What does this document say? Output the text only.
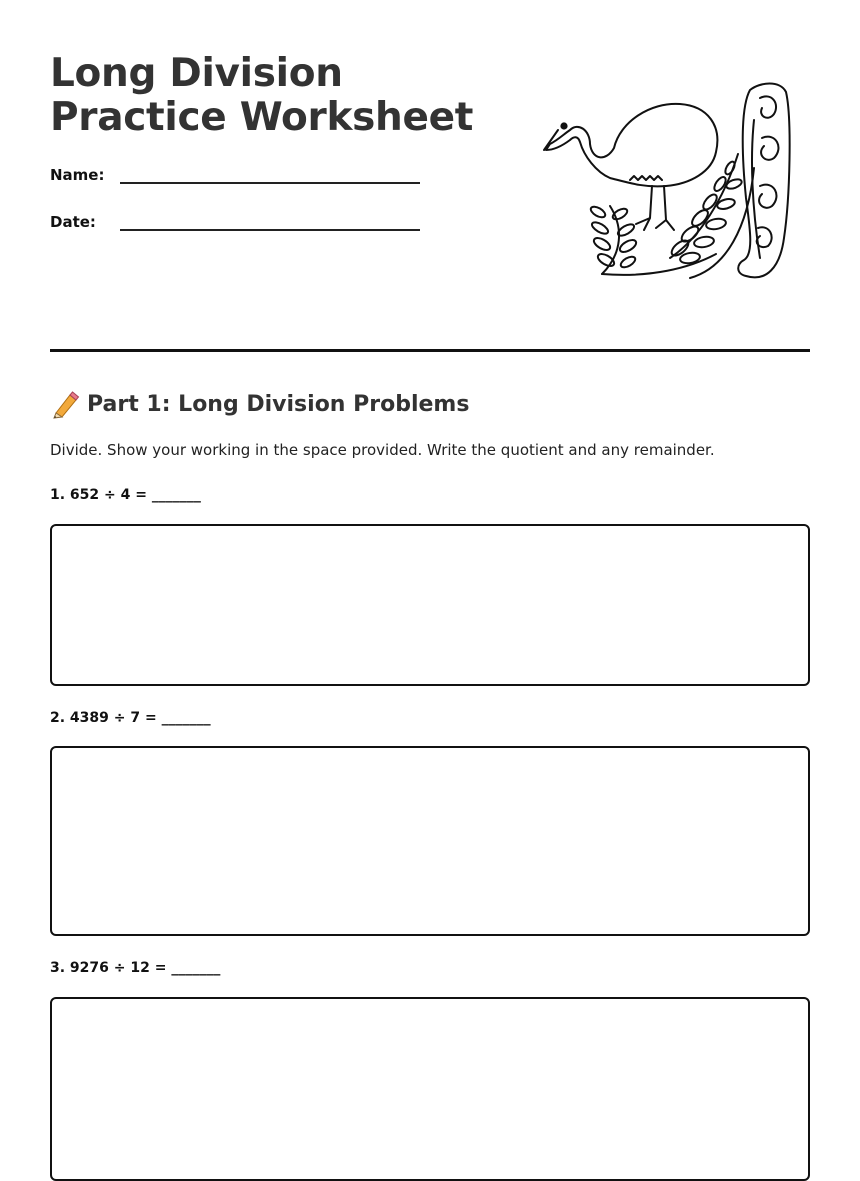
Long Division Practice Worksheet
Name:
Date:
Part 1: Long Division Problems

Divide. Show your working in the space provided. Write the quotient and any remainder.

1. 652 ÷ 4 = _______

2. 4389 ÷ 7 = _______

3. 9276 ÷ 12 = _______
